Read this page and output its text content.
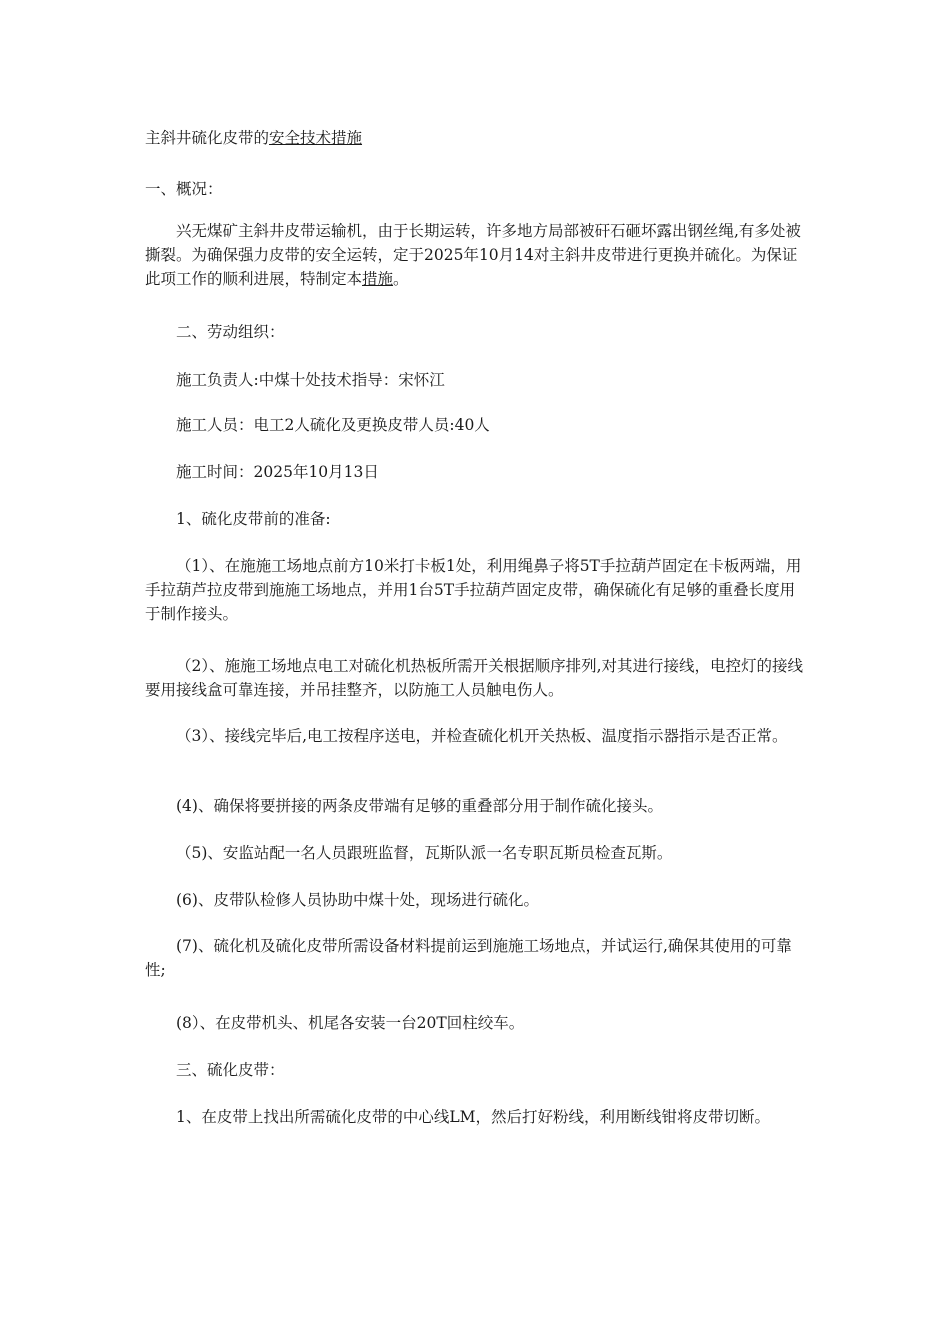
主斜井硫化皮带的安全技术措施
一、概况：
兴无煤矿主斜井皮带运输机，由于长期运转，许多地方局部被矸石砸坏露出钢丝绳,有多处被撕裂。为确保强力皮带的安全运转，定于2025年10月14对主斜井皮带进行更换并硫化。为保证此项工作的顺利进展，特制定本措施。
二、劳动组织：
施工负责人:中煤十处技术指导：宋怀江
施工人员：电工2人硫化及更换皮带人员:40人
施工时间：2025年10月13日
1、硫化皮带前的准备:
（1）、在施施工场地点前方10米打卡板1处，利用绳鼻子将5T手拉葫芦固定在卡板两端，用手拉葫芦拉皮带到施施工场地点，并用1台5T手拉葫芦固定皮带，确保硫化有足够的重叠长度用于制作接头。
（2）、施施工场地点电工对硫化机热板所需开关根据顺序排列,对其进行接线，电控灯的接线要用接线盒可靠连接，并吊挂整齐，以防施工人员触电伤人。
（3）、接线完毕后,电工按程序送电，并检查硫化机开关热板、温度指示器指示是否正常。
(4)、确保将要拼接的两条皮带端有足够的重叠部分用于制作硫化接头。
（5)、安监站配一名人员跟班监督，瓦斯队派一名专职瓦斯员检查瓦斯。
(6)、皮带队检修人员协助中煤十处，现场进行硫化。
(7)、硫化机及硫化皮带所需设备材料提前运到施施工场地点，并试运行,确保其使用的可靠性;
(8）、在皮带机头、机尾各安装一台20T回柱绞车。
三、硫化皮带：
1、在皮带上找出所需硫化皮带的中心线LM，然后打好粉线，利用断线钳将皮带切断。
